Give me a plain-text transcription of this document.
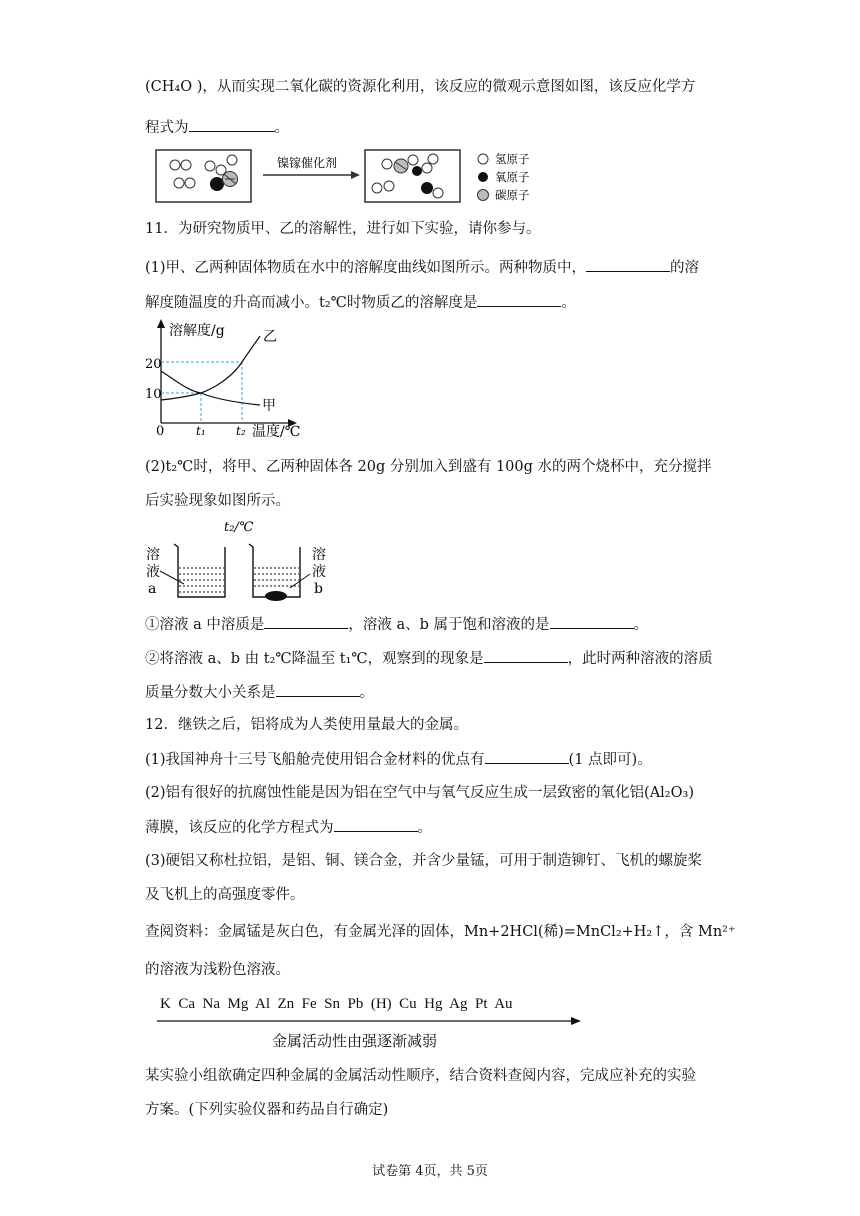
(CH₄O )，从而实现二氧化碳的资源化利用，该反应的微观示意图如图，该反应化学方
程式为	。
镍镓催化剂	氢原子
氧原子
碳原子
11．为研究物质甲、乙的溶解性，进行如下实验，请你参与。
(1)甲、乙两种固体物质在水中的溶解度曲线如图所示。两种物质中，	的溶
解度随温度的升高而减小。t₂℃时物质乙的溶解度是	。
溶解度/g
20
10
0	t₁	t₂ 温度/℃
乙
甲
(2)t₂℃时，将甲、乙两种固体各 20g 分别加入到盛有 100g 水的两个烧杯中，充分搅拌
后实验现象如图所示。
t₂/℃
溶
液
a
溶
液
b
①溶液 a 中溶质是	，溶液 a、b 属于饱和溶液的是	。
②将溶液 a、b 由 t₂℃降温至 t₁℃，观察到的现象是	，此时两种溶液的溶质
质量分数大小关系是	。
12．继铁之后，铝将成为人类使用量最大的金属。
(1)我国神舟十三号飞船舱壳使用铝合金材料的优点有	(1 点即可)。
(2)铝有很好的抗腐蚀性能是因为铝在空气中与氧气反应生成一层致密的氧化铝(Al₂O₃)
薄膜，该反应的化学方程式为	。
(3)硬铝又称杜拉铝，是铝、铜、镁合金，并含少量锰，可用于制造铆钉、飞机的螺旋桨
及飞机上的高强度零件。
查阅资料：金属锰是灰白色，有金属光泽的固体，Mn+2HCl(稀)=MnCl₂+H₂↑，含 Mn²⁺
的溶液为浅粉色溶液。
K  Ca  Na  Mg  Al  Zn  Fe  Sn  Pb  (H)  Cu  Hg  Ag  Pt  Au
金属活动性由强逐渐减弱
某实验小组欲确定四种金属的金属活动性顺序，结合资料查阅内容，完成应补充的实验
方案。(下列实验仪器和药品自行确定)
试卷第 4页，共 5页
